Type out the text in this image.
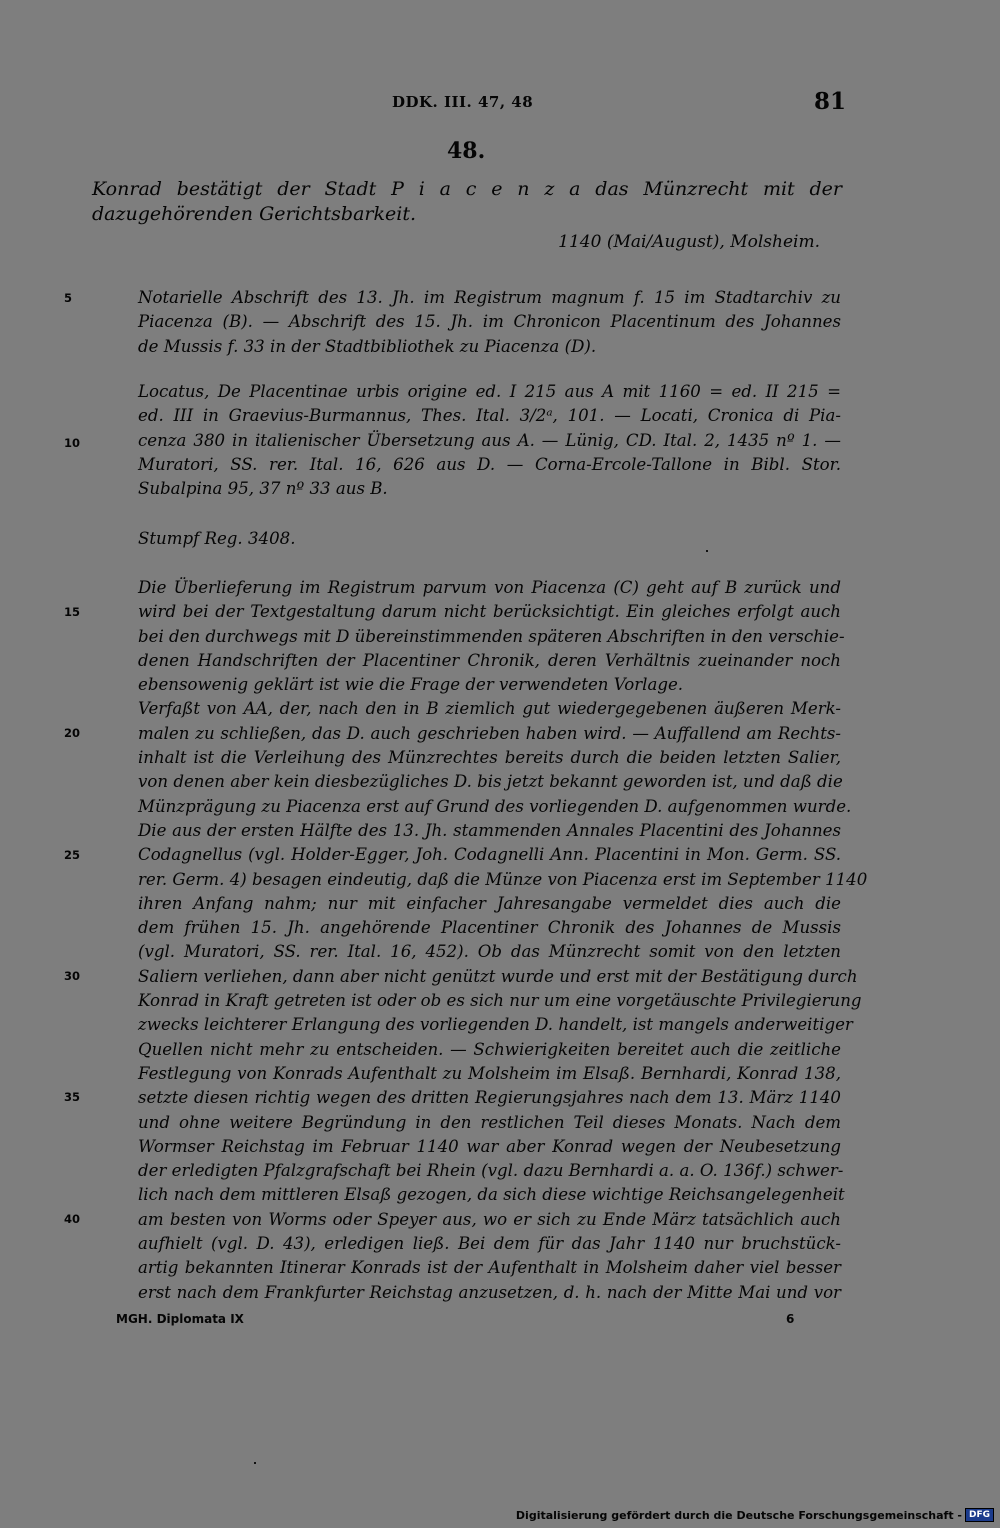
DDK. III. 47, 48	81
48.
Konrad bestätigt der Stadt P i a c e n z a das Münzrecht mit der dazugehörenden Gerichtsbarkeit.
1140 (Mai/August), Molsheim.
Notarielle Abschrift des 13. Jh. im Registrum magnum f. 15 im Stadtarchiv zu
Piacenza (B). — Abschrift des 15. Jh. im Chronicon Placentinum des Johannes
de Mussis f. 33 in der Stadtbibliothek zu Piacenza (D).
Locatus, De Placentinae urbis origine ed. I 215 aus A mit 1160 = ed. II 215 =
ed. III in Graevius-Burmannus, Thes. Ital. 3/2ᵃ, 101. — Locati, Cronica di Pia-
cenza 380 in italienischer Übersetzung aus A. — Lünig, CD. Ital. 2, 1435 nº 1. —
Muratori, SS. rer. Ital. 16, 626 aus D. — Corna-Ercole-Tallone in Bibl. Stor.
Subalpina 95, 37 nº 33 aus B.
Stumpf Reg. 3408.
Die Überlieferung im Registrum parvum von Piacenza (C) geht auf B zurück und
wird bei der Textgestaltung darum nicht berücksichtigt. Ein gleiches erfolgt auch
bei den durchwegs mit D übereinstimmenden späteren Abschriften in den verschie-
denen Handschriften der Placentiner Chronik, deren Verhältnis zueinander noch
ebensowenig geklärt ist wie die Frage der verwendeten Vorlage.
Verfaßt von AA, der, nach den in B ziemlich gut wiedergegebenen äußeren Merk-
malen zu schließen, das D. auch geschrieben haben wird. — Auffallend am Rechts-
inhalt ist die Verleihung des Münzrechtes bereits durch die beiden letzten Salier,
von denen aber kein diesbezügliches D. bis jetzt bekannt geworden ist, und daß die
Münzprägung zu Piacenza erst auf Grund des vorliegenden D. aufgenommen wurde.
Die aus der ersten Hälfte des 13. Jh. stammenden Annales Placentini des Johannes
Codagnellus (vgl. Holder-Egger, Joh. Codagnelli Ann. Placentini in Mon. Germ. SS.
rer. Germ. 4) besagen eindeutig, daß die Münze von Piacenza erst im September 1140
ihren Anfang nahm; nur mit einfacher Jahresangabe vermeldet dies auch die
dem frühen 15. Jh. angehörende Placentiner Chronik des Johannes de Mussis
(vgl. Muratori, SS. rer. Ital. 16, 452). Ob das Münzrecht somit von den letzten
Saliern verliehen, dann aber nicht genützt wurde und erst mit der Bestätigung durch
Konrad in Kraft getreten ist oder ob es sich nur um eine vorgetäuschte Privilegierung
zwecks leichterer Erlangung des vorliegenden D. handelt, ist mangels anderweitiger
Quellen nicht mehr zu entscheiden. — Schwierigkeiten bereitet auch die zeitliche
Festlegung von Konrads Aufenthalt zu Molsheim im Elsaß. Bernhardi, Konrad 138,
setzte diesen richtig wegen des dritten Regierungsjahres nach dem 13. März 1140
und ohne weitere Begründung in den restlichen Teil dieses Monats. Nach dem
Wormser Reichstag im Februar 1140 war aber Konrad wegen der Neubesetzung
der erledigten Pfalzgrafschaft bei Rhein (vgl. dazu Bernhardi a. a. O. 136f.) schwer-
lich nach dem mittleren Elsaß gezogen, da sich diese wichtige Reichsangelegenheit
am besten von Worms oder Speyer aus, wo er sich zu Ende März tatsächlich auch
aufhielt (vgl. D. 43), erledigen ließ. Bei dem für das Jahr 1140 nur bruchstück-
artig bekannten Itinerar Konrads ist der Aufenthalt in Molsheim daher viel besser
erst nach dem Frankfurter Reichstag anzusetzen, d. h. nach der Mitte Mai und vor
5
10
15
20
25
30
35
40
MGH. Diplomata IX	6
Digitalisierung gefördert durch die Deutsche Forschungsgemeinschaft - DFG
